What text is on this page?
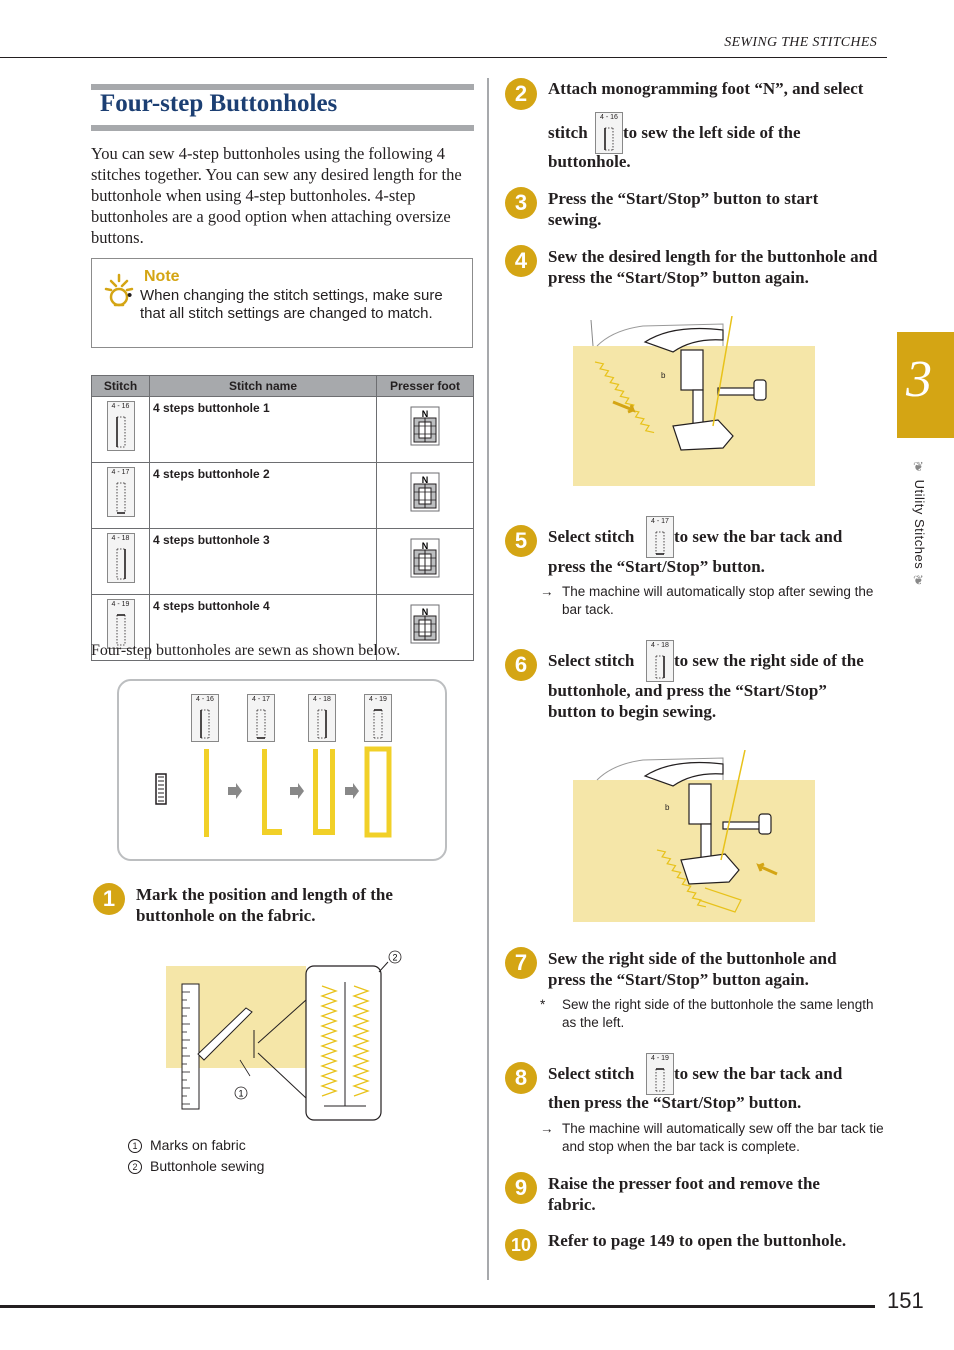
SEWING THE STITCHES
Four-step Buttonholes
You can sew 4-step buttonholes using the following 4 stitches together. You can sew any desired length for the buttonhole when using 4-step buttonholes. 4-step buttonholes are a good option when attaching oversize buttons.
Note
• When changing the stitch settings, make sure that all stitch settings are changed to match.
Stitch	Stitch name	Presser foot

4 - 16	4 steps buttonhole 1	N

4 - 17	4 steps buttonhole 2	N

4 - 18	4 steps buttonhole 3	N

4 - 19	4 steps buttonhole 4	N
Four-step buttonholes are sewn as shown below.
4 - 16	4 - 17	4 - 18	4 - 19
1	Mark the position and length of the buttonhole on the fabric.
1
2
1 Marks on fabric
2 Buttonhole sewing
2	Attach monogramming foot “N”, and select
stitch
4 - 16
to sew the left side of the
buttonhole.
3	Press the “Start/Stop” button to start sewing.
4	Sew the desired length for the buttonhole and press the “Start/Stop” button again.
b
5	Select stitch
4 - 17
to sew the bar tack and
press the “Start/Stop” button.
→ The machine will automatically stop after sewing the bar tack.
6	Select stitch
4 - 18
to sew the right side of the
buttonhole, and press the “Start/Stop” button to begin sewing.
b
7	Sew the right side of the buttonhole and press the “Start/Stop” button again.
* Sew the right side of the buttonhole the same length as the left.
8	Select stitch
4 - 19
to sew the bar tack and
then press the “Start/Stop” button.
→ The machine will automatically sew off the bar tack tie and stop when the bar tack is complete.
9	Raise the presser foot and remove the fabric.
10 Refer to page 149 to open the buttonhole.
3
❦ Utility Stitches ❦
151
